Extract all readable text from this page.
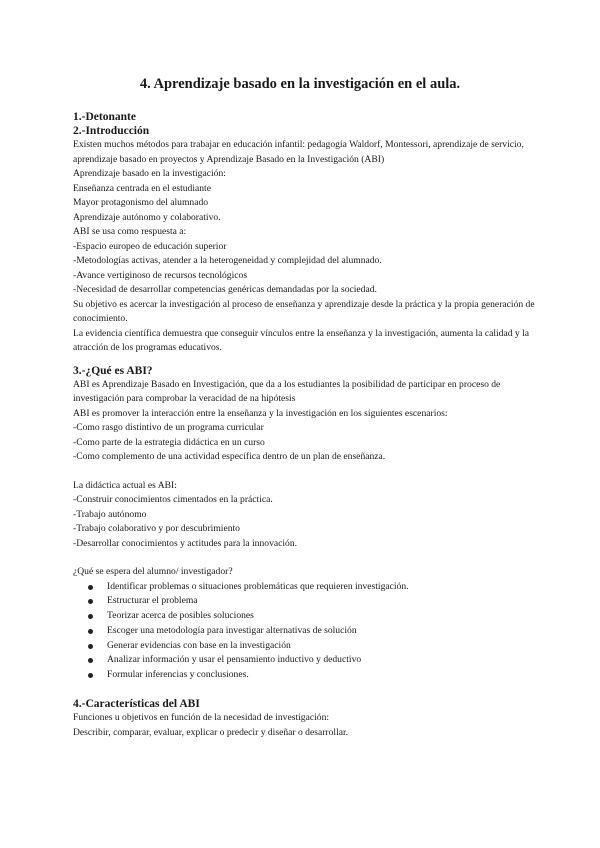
4. Aprendizaje basado en la investigación en el aula.

1.-Detonante

2.-Introducción

Existen muchos métodos para trabajar en educación infantil: pedagogía Waldorf, Montessori, aprendizaje de servicio, aprendizaje basado en proyectos y Aprendizaje Basado en la Investigación (ABI)

Aprendizaje basado en la investigación:

Enseñanza centrada en el estudiante

Mayor protagonismo del alumnado

Aprendizaje autónomo y colaborativo.

ABI se usa como respuesta a:

-Espacio europeo de educación superior

-Metodologías activas, atender a la heterogeneidad y complejidad del alumnado.

-Avance vertiginoso de recursos tecnológicos

-Necesidad de desarrollar competencias genéricas demandadas por la sociedad.

Su objetivo es acercar la investigación al proceso de enseñanza y aprendizaje desde la práctica y la propia generación de conocimiento.

La evidencia científica demuestra que conseguir vínculos entre la enseñanza y la investigación, aumenta la calidad y la atracción de los programas educativos.

3.-¿Qué es ABI?

ABI es Aprendizaje Basado en Investigación, que da a los estudiantes la posibilidad de participar en proceso de investigación para comprobar la veracidad de na hipótesis

ABI es promover la interacción entre la enseñanza y la investigación en los siguientes escenarios:

-Como rasgo distintivo de un programa curricular

-Como parte de la estrategia didáctica en un curso

-Como complemento de una actividad específica dentro de un plan de enseñanza.

La didáctica actual es ABI:

-Construir conocimientos cimentados en la práctica.

-Trabajo autónomo

-Trabajo colaborativo y por descubrimiento

-Desarrollar conocimientos y actitudes para la innovación.

¿Qué se espera del alumno/ investigador?

Identificar problemas o situaciones problemáticas que requieren investigación.
Estructurar el problema
Teorizar acerca de posibles soluciones
Escoger una metodología para investigar alternativas de solución
Generar evidencias con base en la investigación
Analizar información y usar el pensamiento inductivo y deductivo
Formular inferencias y conclusiones.

4.-Características del ABI

Funciones u objetivos en función de la necesidad de investigación:

Describir, comparar, evaluar, explicar o predecir y diseñar o desarrollar.
